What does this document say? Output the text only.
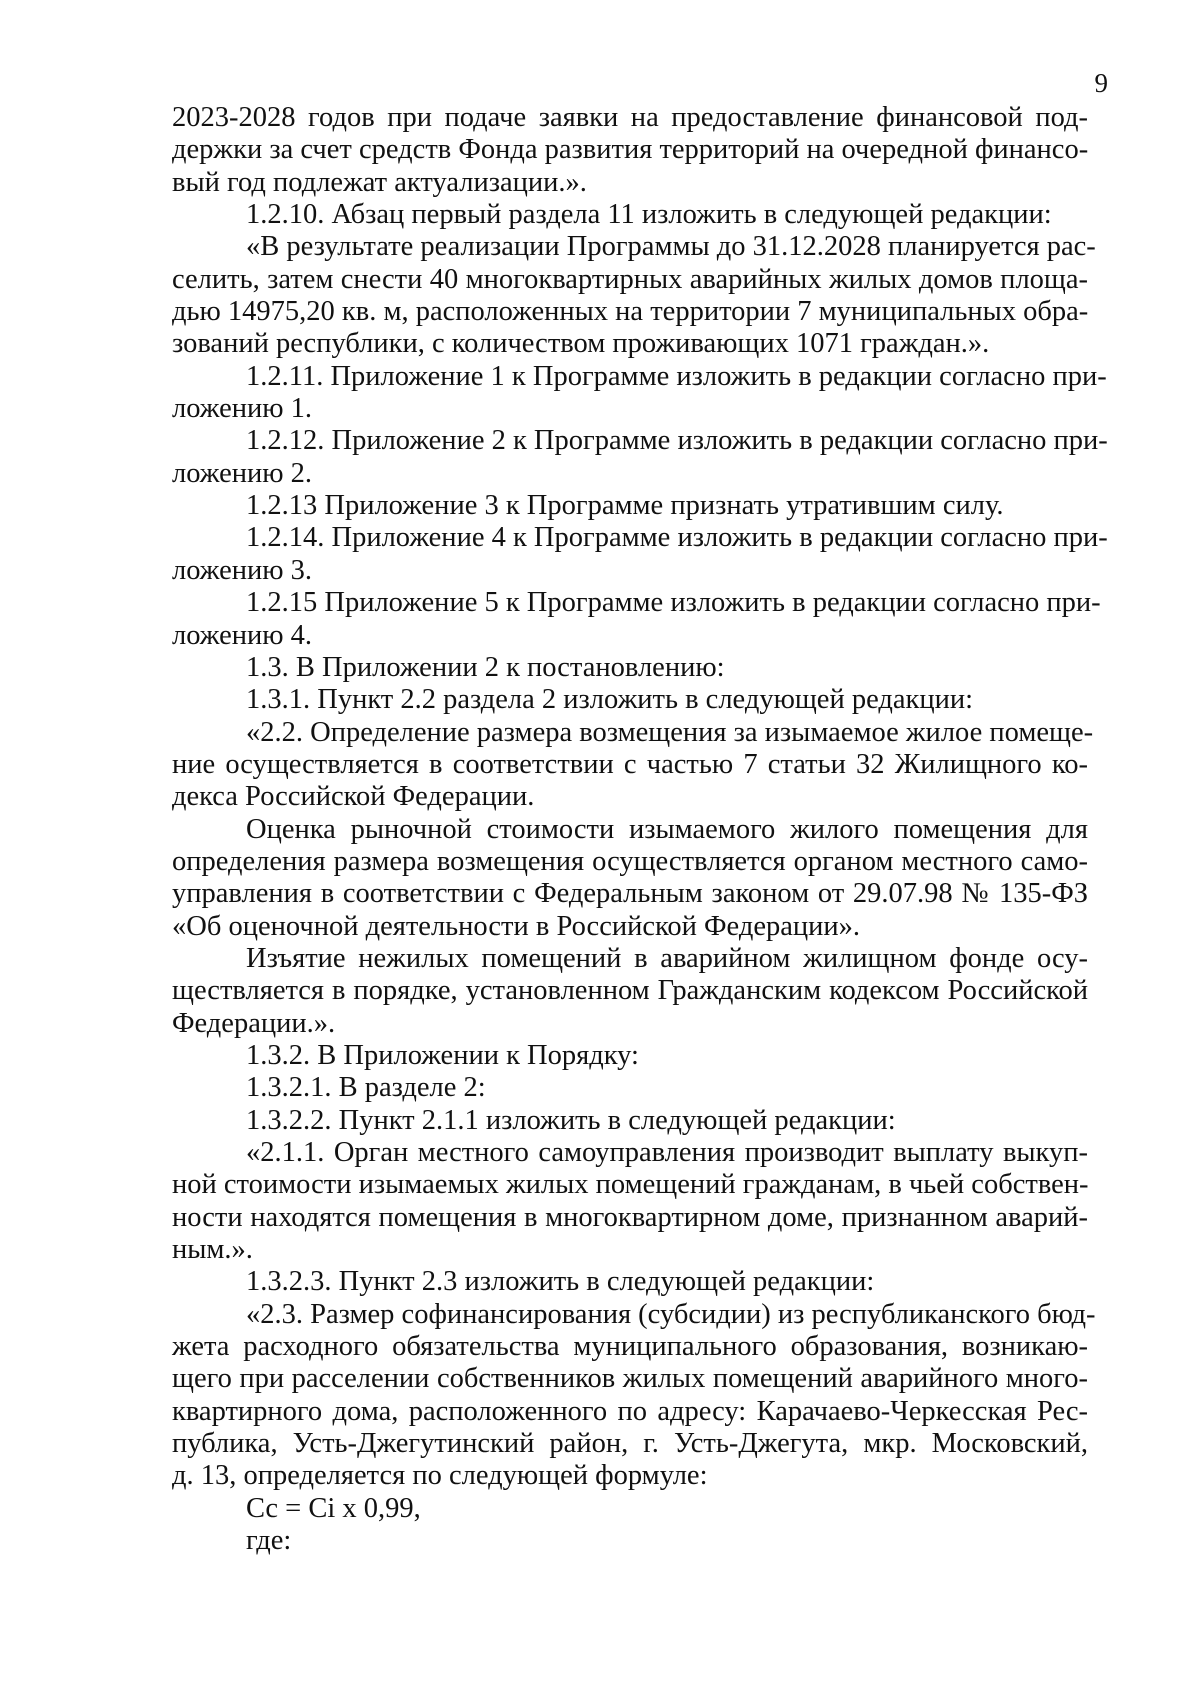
9
2023-2028 годов при подаче заявки на предоставление финансовой под-
держки за счет средств Фонда развития территорий на очередной финансо-
вый год подлежат актуализации.».
1.2.10. Абзац первый раздела 11 изложить в следующей редакции:
«В результате реализации Программы до 31.12.2028 планируется рас-
селить, затем снести 40 многоквартирных аварийных жилых домов площа-
дью 14975,20 кв. м, расположенных на территории 7 муниципальных обра-
зований республики, с количеством проживающих 1071 граждан.».
1.2.11. Приложение 1 к Программе изложить в редакции согласно при-
ложению 1.
1.2.12. Приложение 2 к Программе изложить в редакции согласно при-
ложению 2.
1.2.13 Приложение 3 к Программе признать утратившим силу.
1.2.14. Приложение 4 к Программе изложить в редакции согласно при-
ложению 3.
1.2.15 Приложение 5 к Программе изложить в редакции согласно при-
ложению 4.
1.3. В Приложении 2 к постановлению:
1.3.1. Пункт 2.2 раздела 2 изложить в следующей редакции:
«2.2. Определение размера возмещения за изымаемое жилое помеще-
ние осуществляется в соответствии с частью 7 статьи 32 Жилищного ко-
декса Российской Федерации.
Оценка рыночной стоимости изымаемого жилого помещения для
определения размера возмещения осуществляется органом местного само-
управления в соответствии с Федеральным законом от 29.07.98 № 135-ФЗ
«Об оценочной деятельности в Российской Федерации».
Изъятие нежилых помещений в аварийном жилищном фонде осу-
ществляется в порядке, установленном Гражданским кодексом Российской
Федерации.».
1.3.2. В Приложении к Порядку:
1.3.2.1. В разделе 2:
1.3.2.2. Пункт 2.1.1 изложить в следующей редакции:
«2.1.1. Орган местного самоуправления производит выплату выкуп-
ной стоимости изымаемых жилых помещений гражданам, в чьей собствен-
ности находятся помещения в многоквартирном доме, признанном аварий-
ным.».
1.3.2.3. Пункт 2.3 изложить в следующей редакции:
«2.3. Размер софинансирования (субсидии) из республиканского бюд-
жета расходного обязательства муниципального образования, возникаю-
щего при расселении собственников жилых помещений аварийного много-
квартирного дома, расположенного по адресу: Карачаево-Черкесская Рес-
публика, Усть-Джегутинский район, г. Усть-Джегута, мкр. Московский,
д. 13, определяется по следующей формуле:
Сс = Сi х 0,99,
где:
